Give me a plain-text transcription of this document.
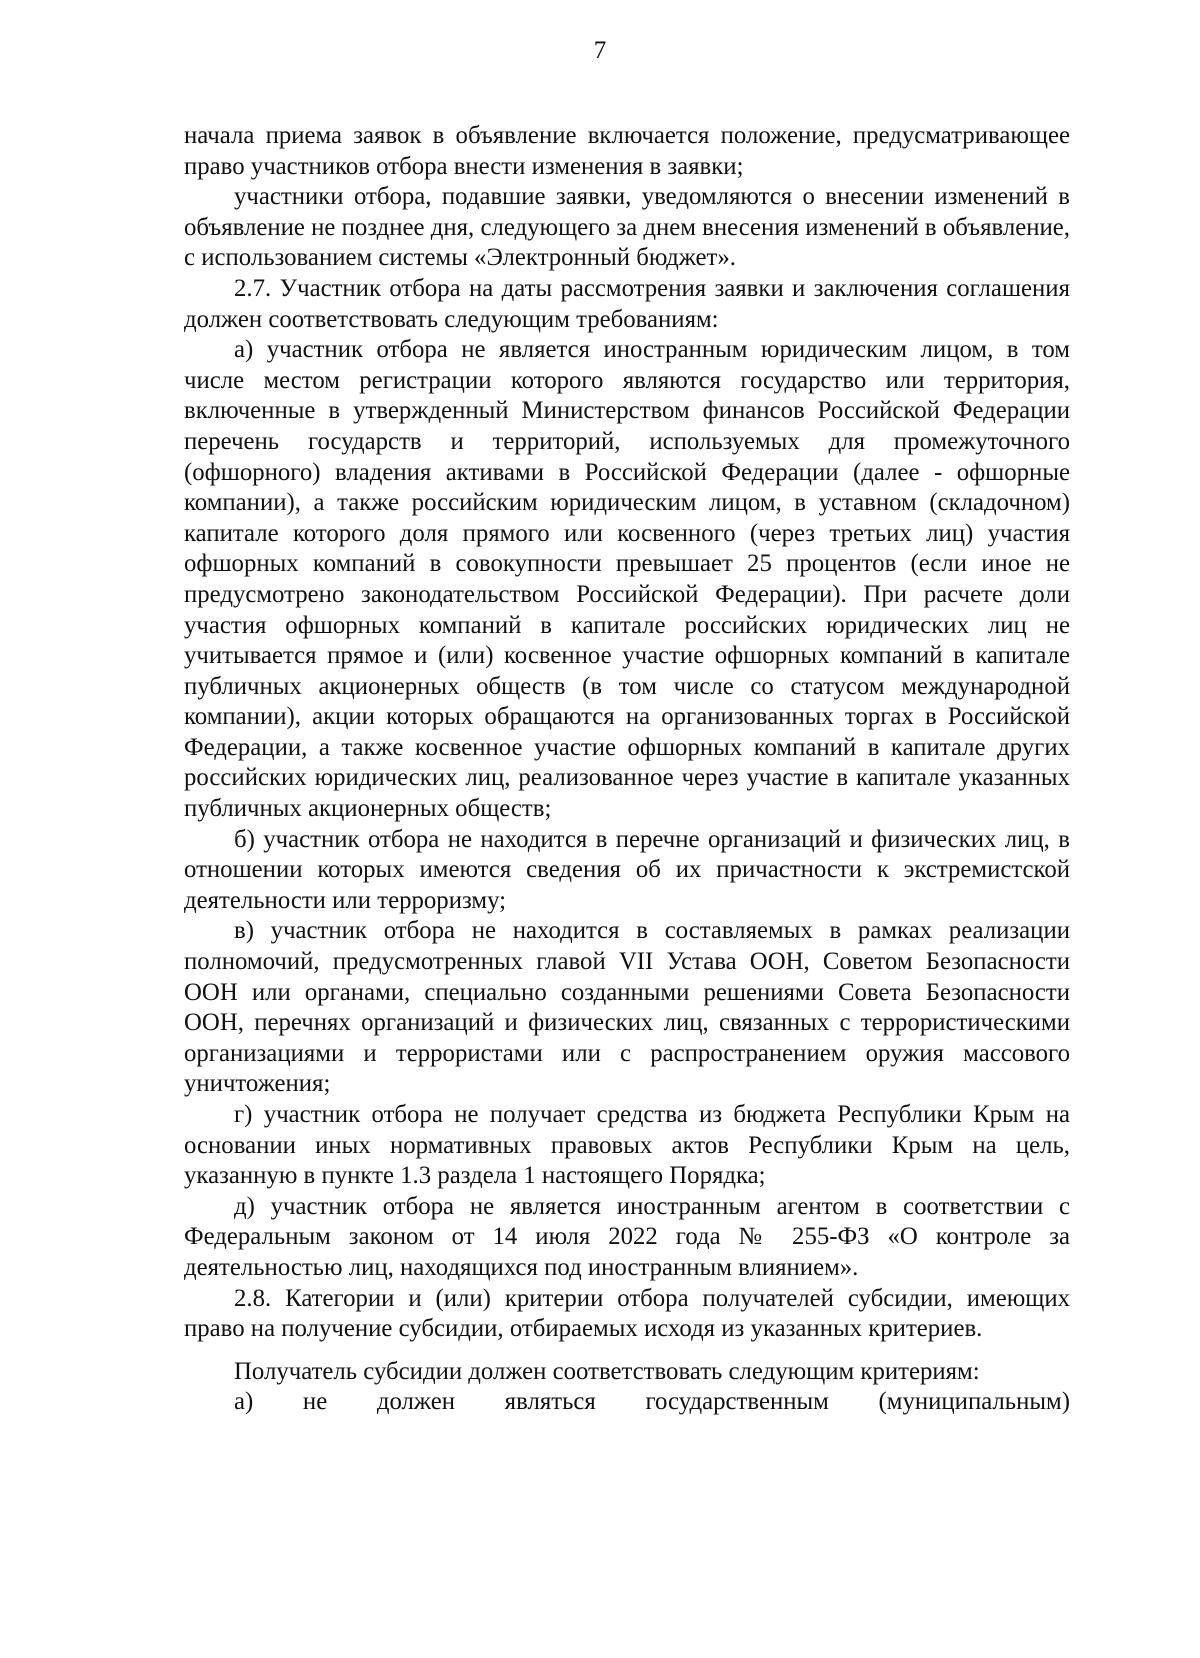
7

начала приема заявок в объявление включается положение, предусматривающее право участников отбора внести изменения в заявки;

участники отбора, подавшие заявки, уведомляются о внесении изменений в объявление не позднее дня, следующего за днем внесения изменений в объявление, с использованием системы «Электронный бюджет».

2.7. Участник отбора на даты рассмотрения заявки и заключения соглашения должен соответствовать следующим требованиям:

а) участник отбора не является иностранным юридическим лицом, в том числе местом регистрации которого являются государство или территория, включенные в утвержденный Министерством финансов Российской Федерации перечень государств и территорий, используемых для промежуточного (офшорного) владения активами в Российской Федерации (далее - офшорные компании), а также российским юридическим лицом, в уставном (складочном) капитале которого доля прямого или косвенного (через третьих лиц) участия офшорных компаний в совокупности превышает 25 процентов (если иное не предусмотрено законодательством Российской Федерации). При расчете доли участия офшорных компаний в капитале российских юридических лиц не учитывается прямое и (или) косвенное участие офшорных компаний в капитале публичных акционерных обществ (в том числе со статусом международной компании), акции которых обращаются на организованных торгах в Российской Федерации, а также косвенное участие офшорных компаний в капитале других российских юридических лиц, реализованное через участие в капитале указанных публичных акционерных обществ;

б) участник отбора не находится в перечне организаций и физических лиц, в отношении которых имеются сведения об их причастности к экстремистской деятельности или терроризму;

в) участник отбора не находится в составляемых в рамках реализации полномочий, предусмотренных главой VII Устава ООН, Советом Безопасности ООН или органами, специально созданными решениями Совета Безопасности ООН, перечнях организаций и физических лиц, связанных с террористическими организациями и террористами или с распространением оружия массового уничтожения;

г) участник отбора не получает средства из бюджета Республики Крым на основании иных нормативных правовых актов Республики Крым на цель, указанную в пункте 1.3 раздела 1 настоящего Порядка;

д) участник отбора не является иностранным агентом в соответствии с Федеральным законом от 14 июля 2022 года № 255-ФЗ «О контроле за деятельностью лиц, находящихся под иностранным влиянием».

2.8. Категории и (или) критерии отбора получателей субсидии, имеющих право на получение субсидии, отбираемых исходя из указанных критериев.

Получатель субсидии должен соответствовать следующим критериям:

а) не должен являться государственным (муниципальным)
